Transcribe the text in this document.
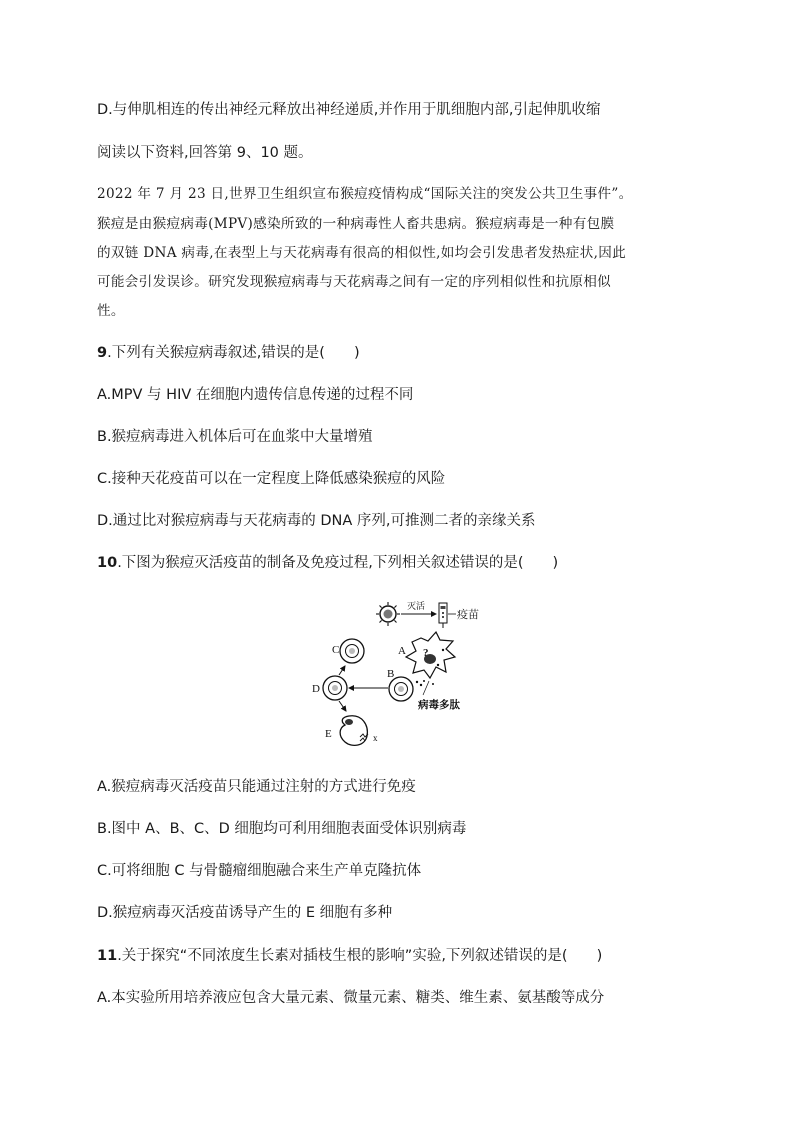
D.与伸肌相连的传出神经元释放出神经递质,并作用于肌细胞内部,引起伸肌收缩
阅读以下资料,回答第 9、10 题。
2022 年 7 月 23 日,世界卫生组织宣布猴痘疫情构成“国际关注的突发公共卫生事件”。
猴痘是由猴痘病毒(MPV)感染所致的一种病毒性人畜共患病。猴痘病毒是一种有包膜
的双链 DNA 病毒,在表型上与天花病毒有很高的相似性,如均会引发患者发热症状,因此
可能会引发误诊。研究发现猴痘病毒与天花病毒之间有一定的序列相似性和抗原相似
性。
9.下列有关猴痘病毒叙述,错误的是(　　)
A.MPV 与 HIV 在细胞内遗传信息传递的过程不同
B.猴痘病毒进入机体后可在血浆中大量增殖
C.接种天花疫苗可以在一定程度上降低感染猴痘的风险
D.通过比对猴痘病毒与天花病毒的 DNA 序列,可推测二者的亲缘关系
10.下图为猴痘灭活疫苗的制备及免疫过程,下列相关叙述错误的是(　　)
灭活
疫苗
?
A
病毒多肽
B
D
C
E	x
A.猴痘病毒灭活疫苗只能通过注射的方式进行免疫
B.图中 A、B、C、D 细胞均可利用细胞表面受体识别病毒
C.可将细胞 C 与骨髓瘤细胞融合来生产单克隆抗体
D.猴痘病毒灭活疫苗诱导产生的 E 细胞有多种
11.关于探究“不同浓度生长素对插枝生根的影响”实验,下列叙述错误的是(　　)
A.本实验所用培养液应包含大量元素、微量元素、糖类、维生素、氨基酸等成分
